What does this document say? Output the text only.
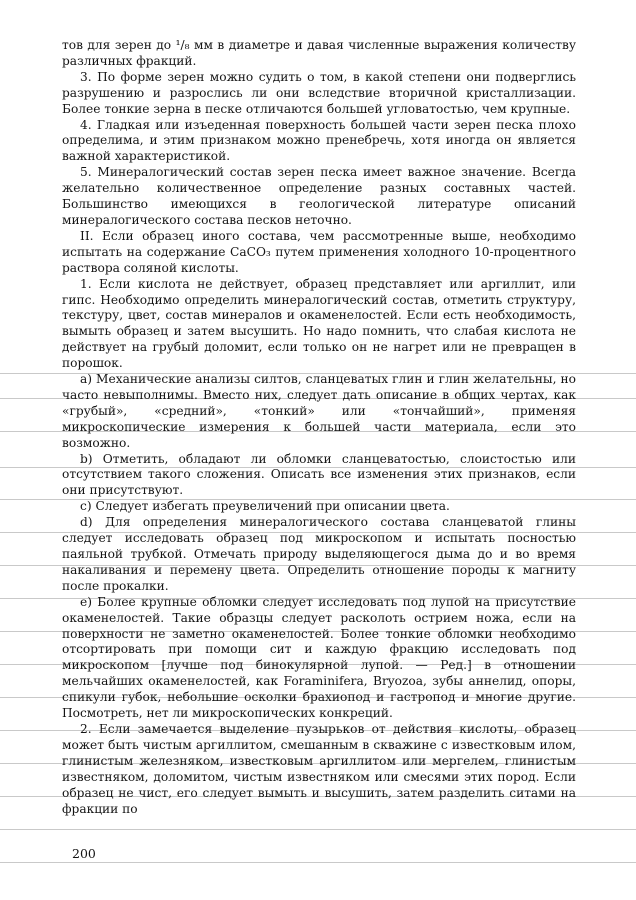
тов для зерен до ¹/₈ мм в диаметре и давая численные выражения количеству различных фракций.

3. По форме зерен можно судить о том, в какой степени они подверглись разрушению и разрослись ли они вследствие вторичной кристаллизации. Более тонкие зерна в песке отличаются большей угловатостью, чем крупные.

4. Гладкая или изъеденная поверхность большей части зерен песка плохо определима, и этим признаком можно пренебречь, хотя иногда он является важной характеристикой.

5. Минералогический состав зерен песка имеет важное значение. Всегда желательно количественное определение разных составных частей. Большинство имеющихся в геологической литературе описаний минералогического состава песков неточно.

II. Если образец иного состава, чем рассмотренные выше, необходимо испытать на содержание CaCO₃ путем применения холодного 10-процентного раствора соляной кислоты.

1. Если кислота не действует, образец представляет или аргиллит, или гипс. Необходимо определить минералогический состав, отметить структуру, текстуру, цвет, состав минералов и окаменелостей. Если есть необходимость, вымыть образец и затем высушить. Но надо помнить, что слабая кислота не действует на грубый доломит, если только он не нагрет или не превращен в порошок.

a) Механические анализы силтов, сланцеватых глин и глин желательны, но часто невыполнимы. Вместо них, следует дать описание в общих чертах, как «грубый», «средний», «тонкий» или «тончайший», применяя микроскопические измерения к большей части материала, если это возможно.

b) Отметить, обладают ли обломки сланцеватостью, слоистостью или отсутствием такого сложения. Описать все изменения этих признаков, если они присутствуют.

c) Следует избегать преувеличений при описании цвета.

d) Для определения минералогического состава сланцеватой глины следует исследовать образец под микроскопом и испытать посностью паяльной трубкой. Отмечать природу выделяющегося дыма до и во время накаливания и перемену цвета. Определить отношение породы к магниту после прокалки.

e) Более крупные обломки следует исследовать под лупой на присутствие окаменелостей. Такие образцы следует расколоть острием ножа, если на поверхности не заметно окаменелостей. Более тонкие обломки необходимо отсортировать при помощи сит и каждую фракцию исследовать под микроскопом [лучше под бинокулярной лупой. — Ред.] в отношении мельчайших окаменелостей, как Foraminifera, Bryozoa, зубы аннелид, опоры, спикули губок, небольшие осколки брахиопод и гастропод и многие другие. Посмотреть, нет ли микроскопических конкреций.

2. Если замечается выделение пузырьков от действия кислоты, образец может быть чистым аргиллитом, смешанным в скважине с известковым илом, глинистым железняком, известковым аргиллитом или мергелем, глинистым известняком, доломитом, чистым известняком или смесями этих пород. Если образец не чист, его следует вымыть и высушить, затем разделить ситами на фракции по

200
